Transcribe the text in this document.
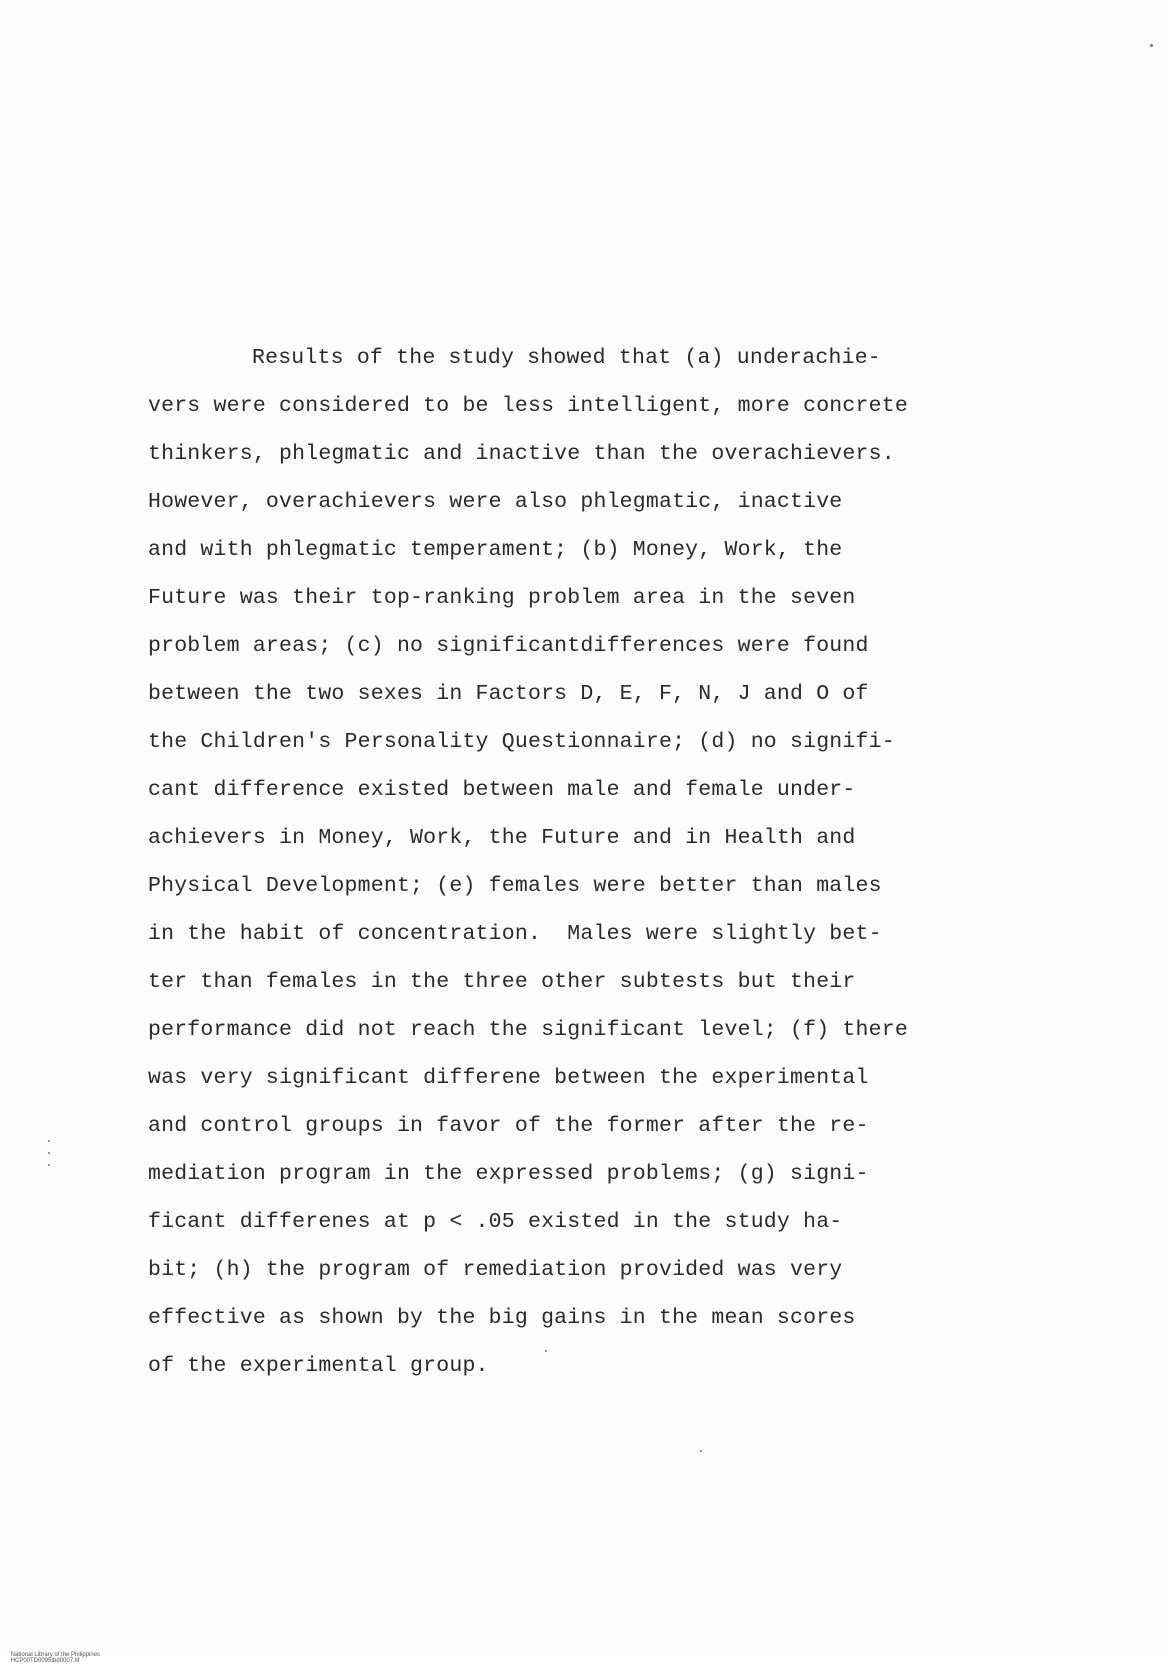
Results of the study showed that (a) underachie-
vers were considered to be less intelligent, more concrete
thinkers, phlegmatic and inactive than the overachievers.
However, overachievers were also phlegmatic, inactive
and with phlegmatic temperament; (b) Money, Work, the
Future was their top-ranking problem area in the seven
problem areas; (c) no significantdifferences were found
between the two sexes in Factors D, E, F, N, J and O of
the Children's Personality Questionnaire; (d) no signifi-
cant difference existed between male and female under-
achievers in Money, Work, the Future and in Health and
Physical Development; (e) females were better than males
in the habit of concentration.  Males were slightly bet-
ter than females in the three other subtests but their
performance did not reach the significant level; (f) there
was very significant differene between the experimental
and control groups in favor of the former after the re-
mediation program in the expressed problems; (g) signi-
ficant differenes at p < .05 existed in the study ha-
bit; (h) the program of remediation provided was very
effective as shown by the big gains in the mean scores
of the experimental group.

National Library of the Philippines
HCP00TD0095tbd0007.tif
